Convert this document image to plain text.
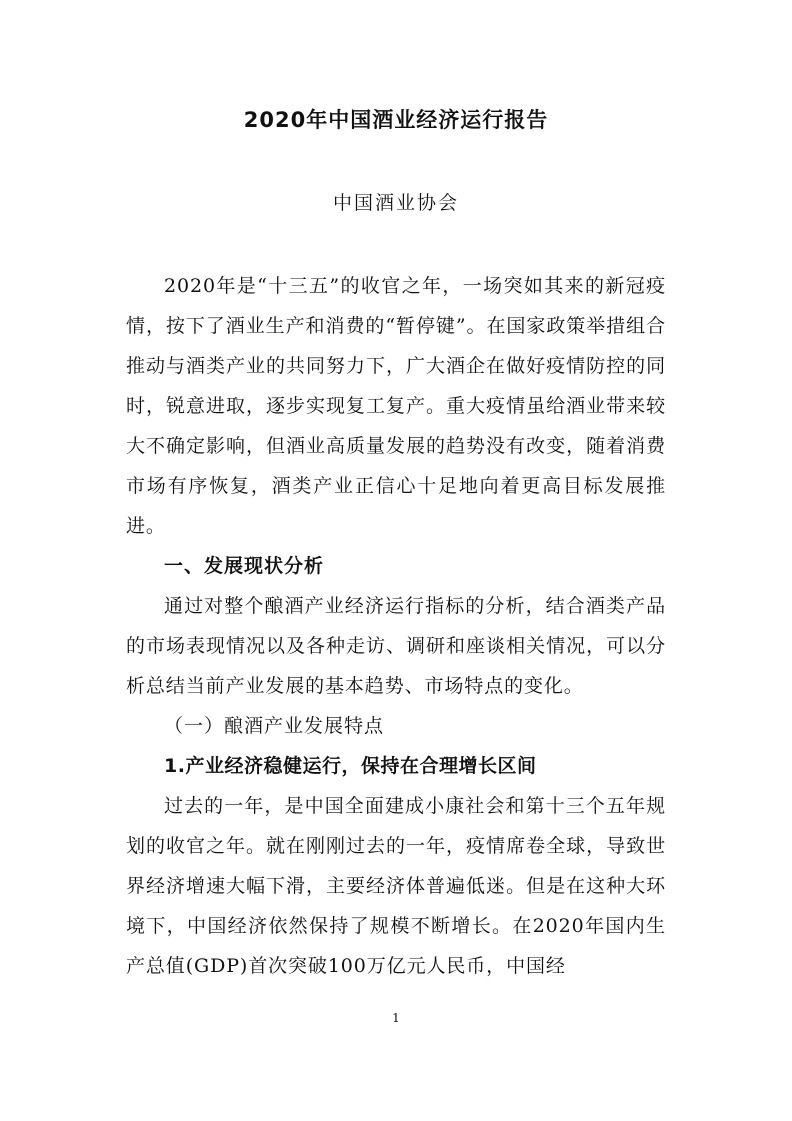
2020年中国酒业经济运行报告
中国酒业协会

2020年是“十三五”的收官之年，一场突如其来的新冠疫情，按下了酒业生产和消费的“暂停键”。在国家政策举措组合推动与酒类产业的共同努力下，广大酒企在做好疫情防控的同时，锐意进取，逐步实现复工复产。重大疫情虽给酒业带来较大不确定影响，但酒业高质量发展的趋势没有改变，随着消费市场有序恢复，酒类产业正信心十足地向着更高目标发展推进。

一、发展现状分析

通过对整个酿酒产业经济运行指标的分析，结合酒类产品的市场表现情况以及各种走访、调研和座谈相关情况，可以分析总结当前产业发展的基本趋势、市场特点的变化。

（一）酿酒产业发展特点

1.产业经济稳健运行，保持在合理增长区间

过去的一年，是中国全面建成小康社会和第十三个五年规划的收官之年。就在刚刚过去的一年，疫情席卷全球，导致世界经济增速大幅下滑，主要经济体普遍低迷。但是在这种大环境下，中国经济依然保持了规模不断增长。在2020年国内生产总值(GDP)首次突破100万亿元人民币，中国经

1
